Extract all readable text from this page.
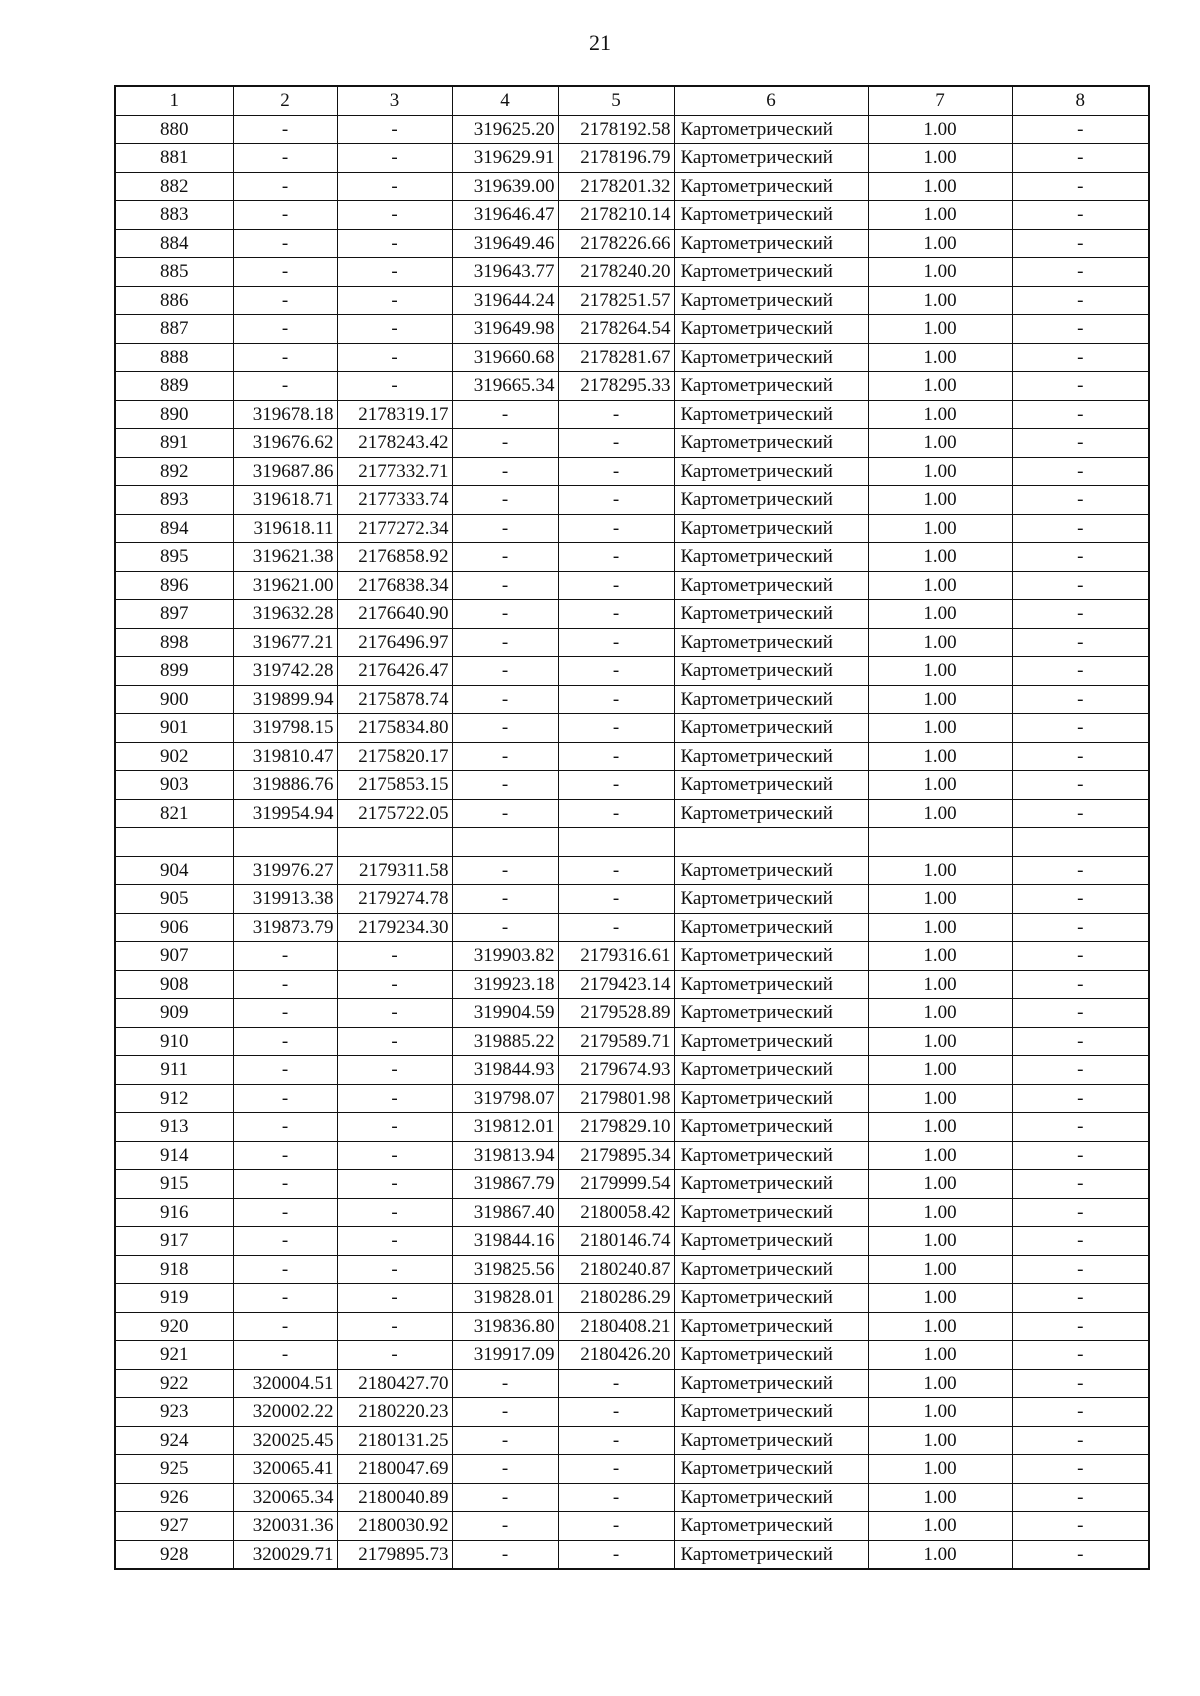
21
1	2	3	4	5	6	7	8
880	-	-	319625.20	2178192.58	Картометрический	1.00	-
881	-	-	319629.91	2178196.79	Картометрический	1.00	-
882	-	-	319639.00	2178201.32	Картометрический	1.00	-
883	-	-	319646.47	2178210.14	Картометрический	1.00	-
884	-	-	319649.46	2178226.66	Картометрический	1.00	-
885	-	-	319643.77	2178240.20	Картометрический	1.00	-
886	-	-	319644.24	2178251.57	Картометрический	1.00	-
887	-	-	319649.98	2178264.54	Картометрический	1.00	-
888	-	-	319660.68	2178281.67	Картометрический	1.00	-
889	-	-	319665.34	2178295.33	Картометрический	1.00	-
890	319678.18	2178319.17	-	-	Картометрический	1.00	-
891	319676.62	2178243.42	-	-	Картометрический	1.00	-
892	319687.86	2177332.71	-	-	Картометрический	1.00	-
893	319618.71	2177333.74	-	-	Картометрический	1.00	-
894	319618.11	2177272.34	-	-	Картометрический	1.00	-
895	319621.38	2176858.92	-	-	Картометрический	1.00	-
896	319621.00	2176838.34	-	-	Картометрический	1.00	-
897	319632.28	2176640.90	-	-	Картометрический	1.00	-
898	319677.21	2176496.97	-	-	Картометрический	1.00	-
899	319742.28	2176426.47	-	-	Картометрический	1.00	-
900	319899.94	2175878.74	-	-	Картометрический	1.00	-
901	319798.15	2175834.80	-	-	Картометрический	1.00	-
902	319810.47	2175820.17	-	-	Картометрический	1.00	-
903	319886.76	2175853.15	-	-	Картометрический	1.00	-
821	319954.94	2175722.05	-	-	Картометрический	1.00	-

904	319976.27	2179311.58	-	-	Картометрический	1.00	-
905	319913.38	2179274.78	-	-	Картометрический	1.00	-
906	319873.79	2179234.30	-	-	Картометрический	1.00	-
907	-	-	319903.82	2179316.61	Картометрический	1.00	-
908	-	-	319923.18	2179423.14	Картометрический	1.00	-
909	-	-	319904.59	2179528.89	Картометрический	1.00	-
910	-	-	319885.22	2179589.71	Картометрический	1.00	-
911	-	-	319844.93	2179674.93	Картометрический	1.00	-
912	-	-	319798.07	2179801.98	Картометрический	1.00	-
913	-	-	319812.01	2179829.10	Картометрический	1.00	-
914	-	-	319813.94	2179895.34	Картометрический	1.00	-
915	-	-	319867.79	2179999.54	Картометрический	1.00	-
916	-	-	319867.40	2180058.42	Картометрический	1.00	-
917	-	-	319844.16	2180146.74	Картометрический	1.00	-
918	-	-	319825.56	2180240.87	Картометрический	1.00	-
919	-	-	319828.01	2180286.29	Картометрический	1.00	-
920	-	-	319836.80	2180408.21	Картометрический	1.00	-
921	-	-	319917.09	2180426.20	Картометрический	1.00	-
922	320004.51	2180427.70	-	-	Картометрический	1.00	-
923	320002.22	2180220.23	-	-	Картометрический	1.00	-
924	320025.45	2180131.25	-	-	Картометрический	1.00	-
925	320065.41	2180047.69	-	-	Картометрический	1.00	-
926	320065.34	2180040.89	-	-	Картометрический	1.00	-
927	320031.36	2180030.92	-	-	Картометрический	1.00	-
928	320029.71	2179895.73	-	-	Картометрический	1.00	-
